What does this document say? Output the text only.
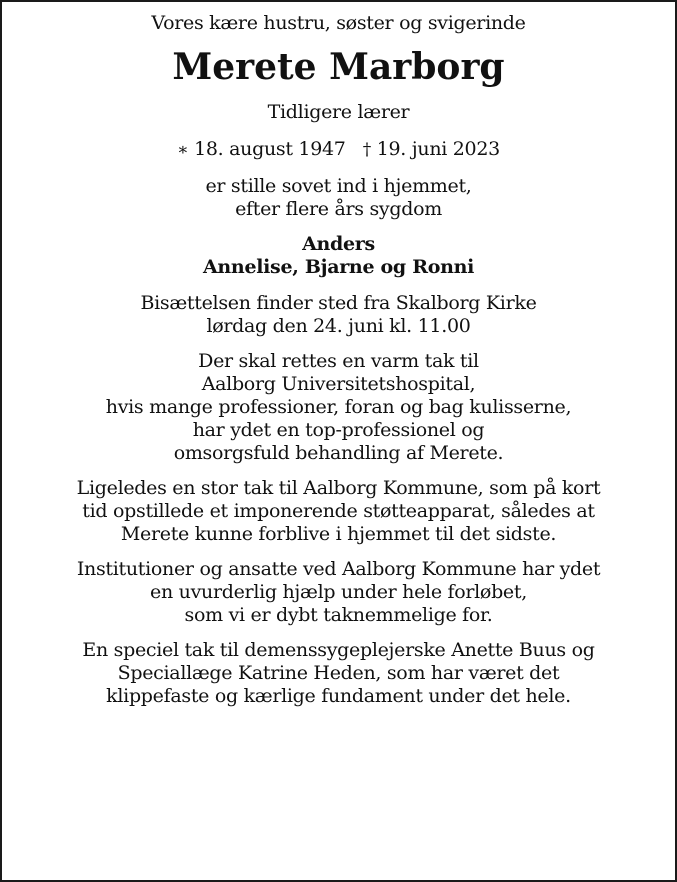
Vores kære hustru, søster og svigerinde
Merete Marborg
Tidligere lærer
∗ 18. august 1947 † 19. juni 2023
er stille sovet ind i hjemmet,
efter flere års sygdom
Anders
Annelise, Bjarne og Ronni
Bisættelsen finder sted fra Skalborg Kirke
lørdag den 24. juni kl. 11.00
Der skal rettes en varm tak til
Aalborg Universitetshospital,
hvis mange professioner, foran og bag kulisserne,
har ydet en top-professionel og
omsorgsfuld behandling af Merete.
Ligeledes en stor tak til Aalborg Kommune, som på kort
tid opstillede et imponerende støtteapparat, således at
Merete kunne forblive i hjemmet til det sidste.
Institutioner og ansatte ved Aalborg Kommune har ydet
en uvurderlig hjælp under hele forløbet,
som vi er dybt taknemmelige for.
En speciel tak til demenssygeplejerske Anette Buus og
Speciallæge Katrine Heden, som har været det
klippefaste og kærlige fundament under det hele.
